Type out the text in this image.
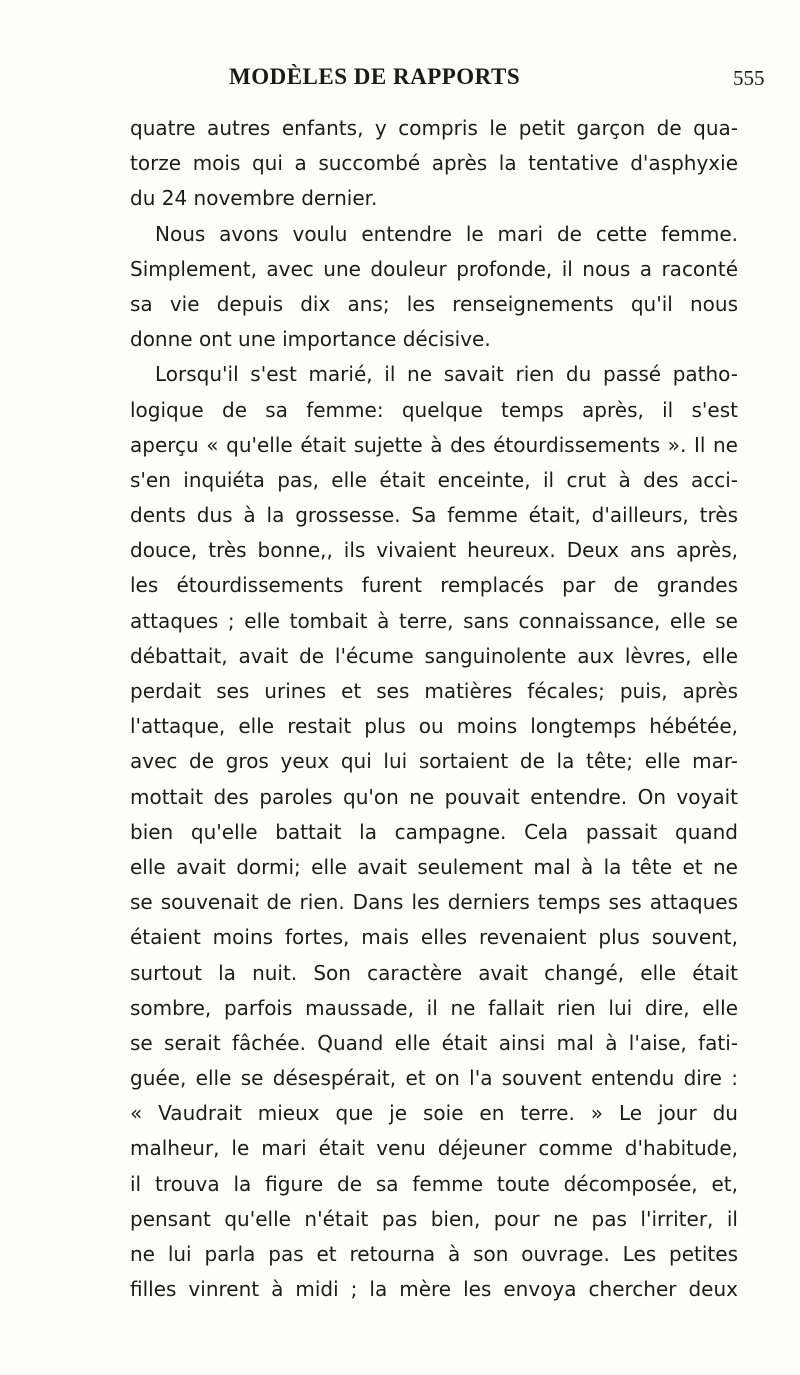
MODÈLES DE RAPPORTS	555
quatre autres enfants, y compris le petit garçon de qua-
torze mois qui a succombé après la tentative d'asphyxie
du 24 novembre dernier.
Nous avons voulu entendre le mari de cette femme.
Simplement, avec une douleur profonde, il nous a raconté
sa vie depuis dix ans; les renseignements qu'il nous
donne ont une importance décisive.
Lorsqu'il s'est marié, il ne savait rien du passé patho-
logique de sa femme: quelque temps après, il s'est
aperçu « qu'elle était sujette à des étourdissements ». Il ne
s'en inquiéta pas, elle était enceinte, il crut à des acci-
dents dus à la grossesse. Sa femme était, d'ailleurs, très
douce, très bonne,, ils vivaient heureux. Deux ans après,
les étourdissements furent remplacés par de grandes
attaques ; elle tombait à terre, sans connaissance, elle se
débattait, avait de l'écume sanguinolente aux lèvres, elle
perdait ses urines et ses matières fécales; puis, après
l'attaque, elle restait plus ou moins longtemps hébétée,
avec de gros yeux qui lui sortaient de la tête; elle mar-
mottait des paroles qu'on ne pouvait entendre. On voyait
bien qu'elle battait la campagne. Cela passait quand
elle avait dormi; elle avait seulement mal à la tête et ne
se souvenait de rien. Dans les derniers temps ses attaques
étaient moins fortes, mais elles revenaient plus souvent,
surtout la nuit. Son caractère avait changé, elle était
sombre, parfois maussade, il ne fallait rien lui dire, elle
se serait fâchée. Quand elle était ainsi mal à l'aise, fati-
guée, elle se désespérait, et on l'a souvent entendu dire :
« Vaudrait mieux que je soie en terre. » Le jour du
malheur, le mari était venu déjeuner comme d'habitude,
il trouva la figure de sa femme toute décomposée, et,
pensant qu'elle n'était pas bien, pour ne pas l'irriter, il
ne lui parla pas et retourna à son ouvrage. Les petites
filles vinrent à midi ; la mère les envoya chercher deux
